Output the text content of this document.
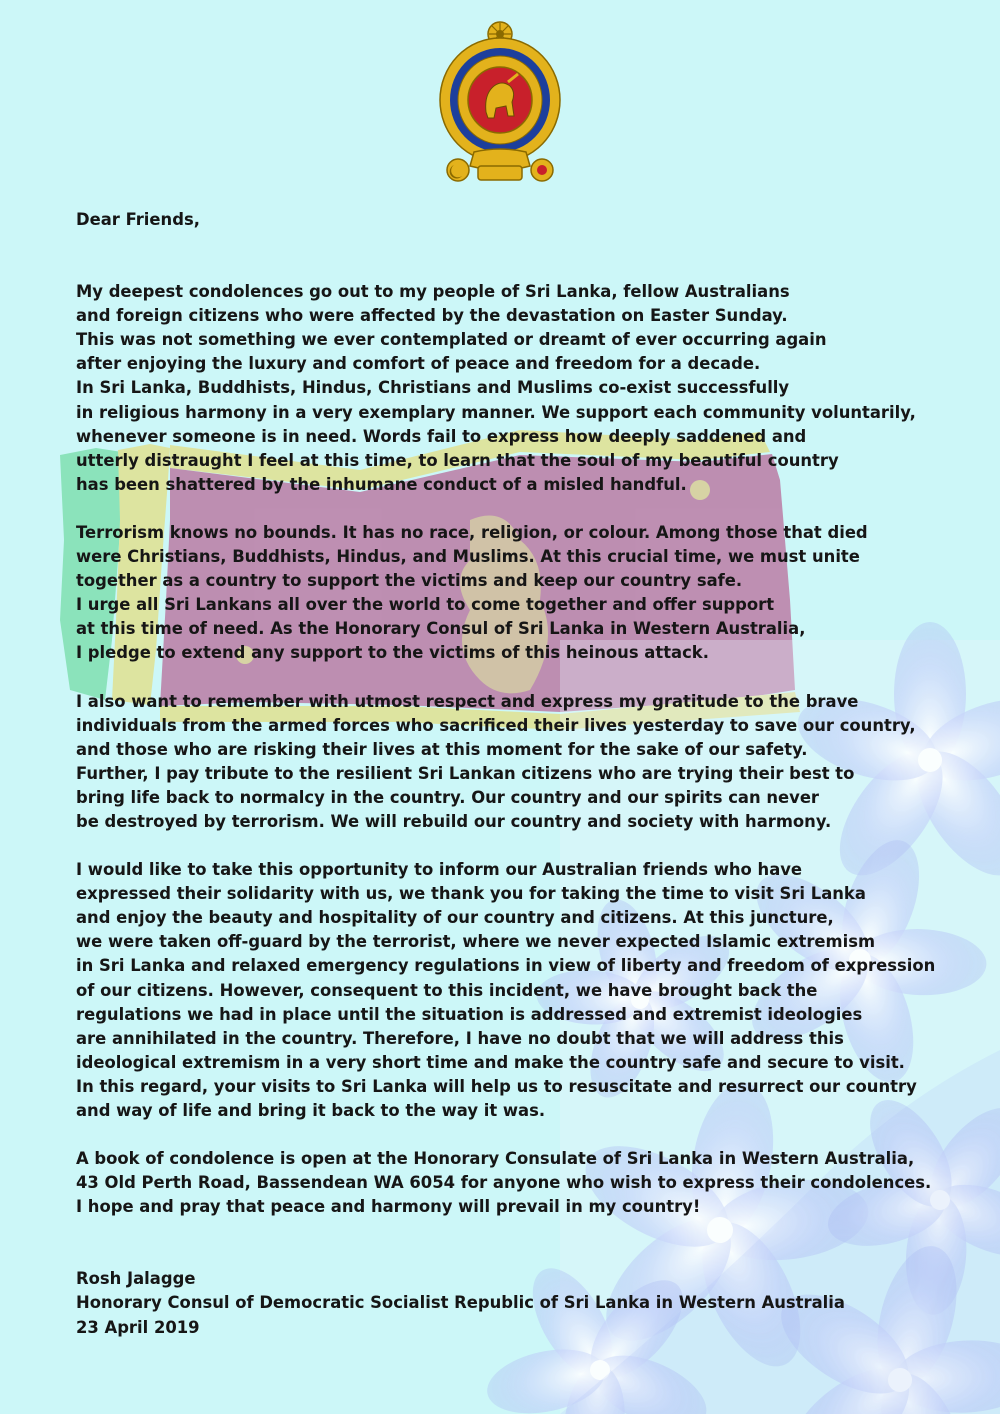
Dear Friends,
My deepest condolences go out to my people of Sri Lanka, fellow Australians
and foreign citizens who were affected by the devastation on Easter Sunday.
This was not something we ever contemplated or dreamt of ever occurring again
after enjoying the luxury and comfort of peace and freedom for a decade.
In Sri Lanka, Buddhists, Hindus, Christians and Muslims co-exist successfully
in religious harmony in a very exemplary manner. We support each community voluntarily,
whenever someone is in need. Words fail to express how deeply saddened and
utterly distraught I feel at this time, to learn that the soul of my beautiful country
has been shattered by the inhumane conduct of a misled handful.
Terrorism knows no bounds. It has no race, religion, or colour. Among those that died
were Christians, Buddhists, Hindus, and Muslims. At this crucial time, we must unite
together as a country to support the victims and keep our country safe.
I urge all Sri Lankans all over the world to come together and offer support
at this time of need. As the Honorary Consul of Sri Lanka in Western Australia,
I pledge to extend any support to the victims of this heinous attack.
I also want to remember with utmost respect and express my gratitude to the brave
individuals from the armed forces who sacrificed their lives yesterday to save our country,
and those who are risking their lives at this moment for the sake of our safety.
Further, I pay tribute to the resilient Sri Lankan citizens who are trying their best to
bring life back to normalcy in the country. Our country and our spirits can never
be destroyed by terrorism. We will rebuild our country and society with harmony.
I would like to take this opportunity to inform our Australian friends who have
expressed their solidarity with us, we thank you for taking the time to visit Sri Lanka
and enjoy the beauty and hospitality of our country and citizens. At this juncture,
we were taken off-guard by the terrorist, where we never expected Islamic extremism
in Sri Lanka and relaxed emergency regulations in view of liberty and freedom of expression
of our citizens. However, consequent to this incident, we have brought back the
regulations we had in place until the situation is addressed and extremist ideologies
are annihilated in the country. Therefore, I have no doubt that we will address this
ideological extremism in a very short time and make the country safe and secure to visit.
In this regard, your visits to Sri Lanka will help us to resuscitate and resurrect our country
and way of life and bring it back to the way it was.
A book of condolence is open at the Honorary Consulate of Sri Lanka in Western Australia,
43 Old Perth Road, Bassendean WA 6054 for anyone who wish to express their condolences.
I hope and pray that peace and harmony will prevail in my country!
Rosh Jalagge
Honorary Consul of Democratic Socialist Republic of Sri Lanka in Western Australia
23 April 2019
